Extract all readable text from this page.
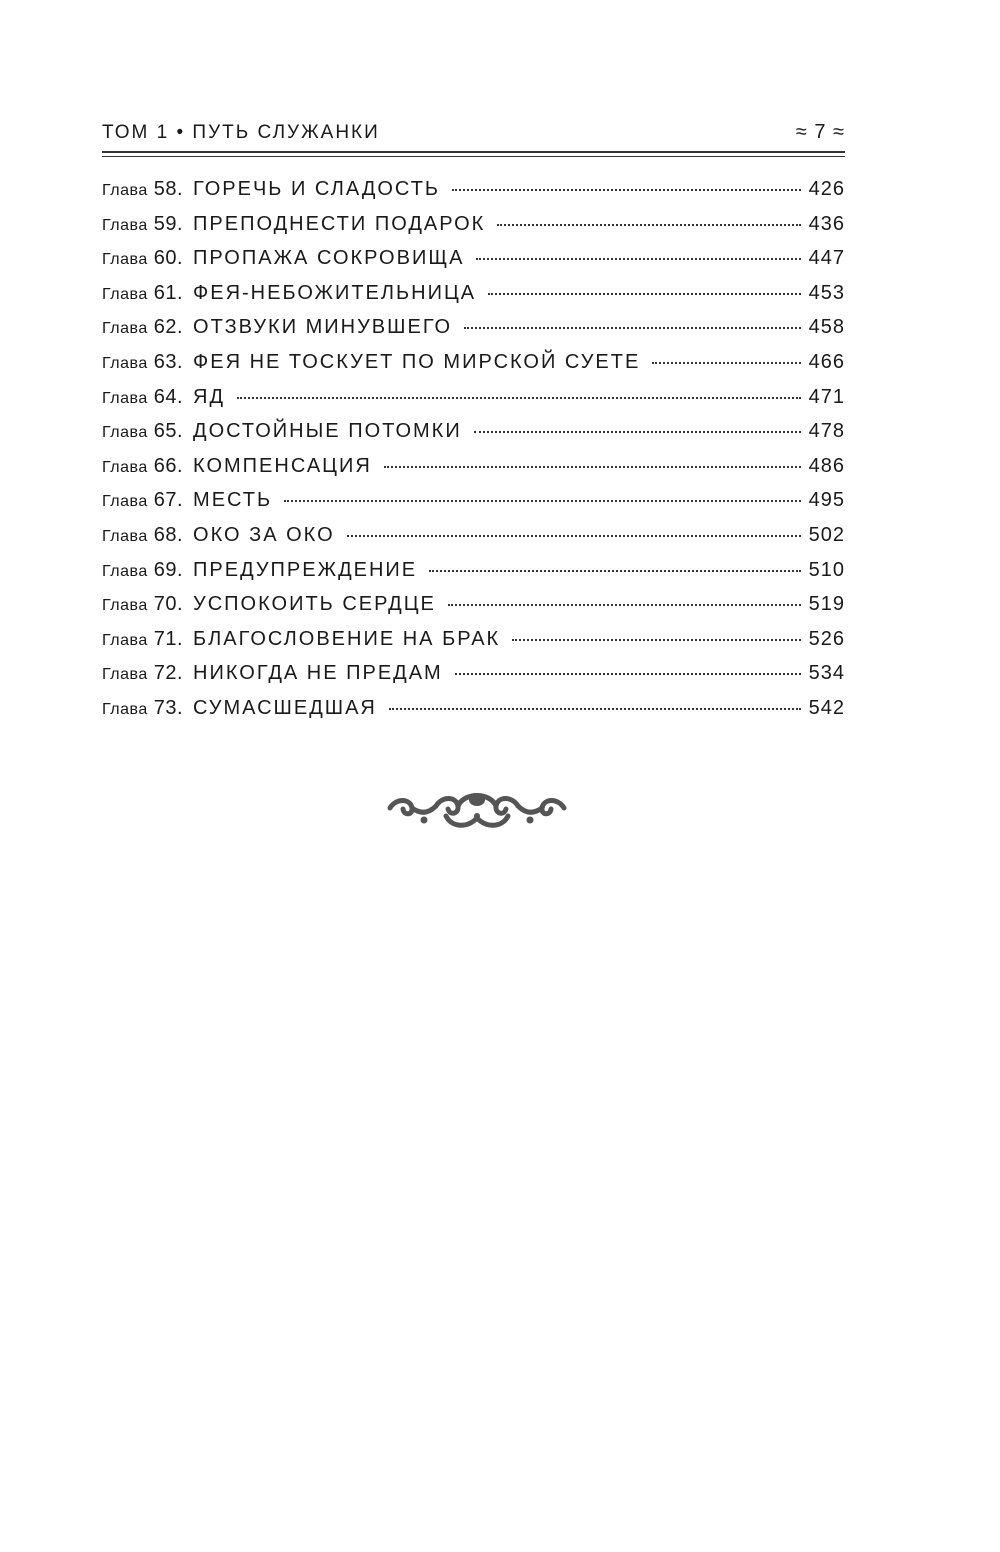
ТОМ 1 • ПУТЬ СЛУЖАНКИ	≈ 7 ≈
Глава 58. ГОРЕЧЬ И СЛАДОСТЬ	426
Глава 59. ПРЕПОДНЕСТИ ПОДАРОК	436
Глава 60. ПРОПАЖА СОКРОВИЩА	447
Глава 61. ФЕЯ-НЕБОЖИТЕЛЬНИЦА	453
Глава 62. ОТЗВУКИ МИНУВШЕГО	458
Глава 63. ФЕЯ НЕ ТОСКУЕТ ПО МИРСКОЙ СУЕТЕ	466
Глава 64. ЯД	471
Глава 65. ДОСТОЙНЫЕ ПОТОМКИ	478
Глава 66. КОМПЕНСАЦИЯ	486
Глава 67. МЕСТЬ	495
Глава 68. ОКО ЗА ОКО	502
Глава 69. ПРЕДУПРЕЖДЕНИЕ	510
Глава 70. УСПОКОИТЬ СЕРДЦЕ	519
Глава 71. БЛАГОСЛОВЕНИЕ НА БРАК	526
Глава 72. НИКОГДА НЕ ПРЕДАМ	534
Глава 73. СУМАСШЕДШАЯ	542
